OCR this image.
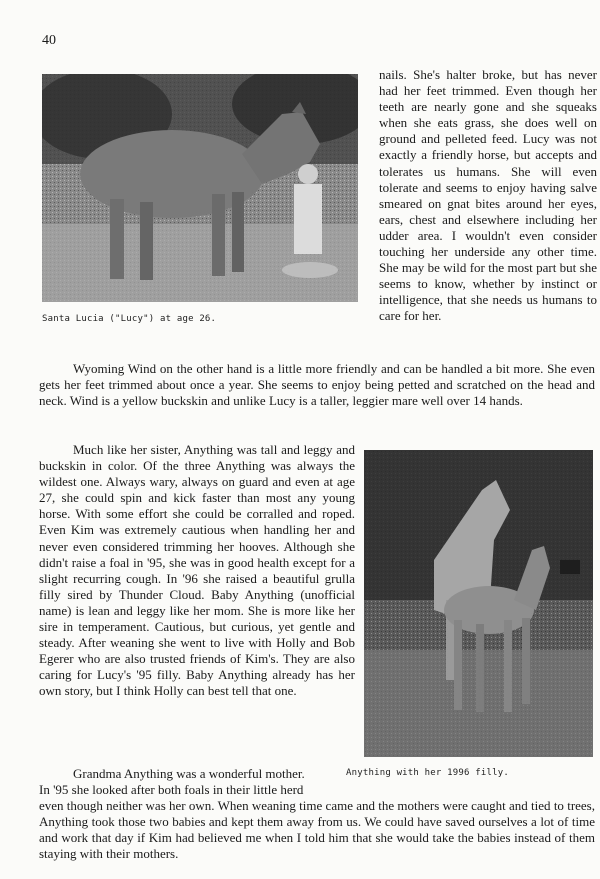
40
Santa Lucia ("Lucy") at age 26.

nails. She's halter broke, but has never had her feet trimmed. Even though her teeth are nearly gone and she squeaks when she eats grass, she does well on ground and pelleted feed. Lucy was not exactly a friendly horse, but accepts and tolerates us humans. She will even tolerate and seems to enjoy having salve smeared on gnat bites around her eyes, ears, chest and elsewhere including her udder area. I wouldn't even consider touching her underside any other time. She may be wild for the most part but she seems to know, whether by instinct or intelligence, that she needs us humans to care for her.

Wyoming Wind on the other hand is a little more friendly and can be handled a bit more. She even gets her feet trimmed about once a year. She seems to enjoy being petted and scratched on the head and neck. Wind is a yellow buckskin and unlike Lucy is a taller, leggier mare well over 14 hands.

Much like her sister, Anything was tall and leggy and buckskin in color. Of the three Anything was always the wildest one. Always wary, always on guard and even at age 27, she could spin and kick faster than most any young horse. With some effort she could be corralled and roped. Even Kim was extremely cautious when handling her and never even considered trimming her hooves. Although she didn't raise a foal in '95, she was in good health except for a slight recurring cough. In '96 she raised a beautiful grulla filly sired by Thunder Cloud. Baby Anything (unofficial name) is lean and leggy like her mom. She is more like her sire in temperament. Cautious, but curious, yet gentle and steady. After weaning she went to live with Holly and Bob Egerer who are also trusted friends of Kim's. They are also caring for Lucy's '95 filly. Baby Anything already has her own story, but I think Holly can best tell that one.

Anything with her 1996 filly.

Grandma Anything was a wonderful mother.

In '95 she looked after both foals in their little herd

even though neither was her own. When weaning time came and the mothers were caught and tied to trees, Anything took those two babies and kept them away from us. We could have saved ourselves a lot of time and work that day if Kim had believed me when I told him that she would take the babies instead of them staying with their mothers.
